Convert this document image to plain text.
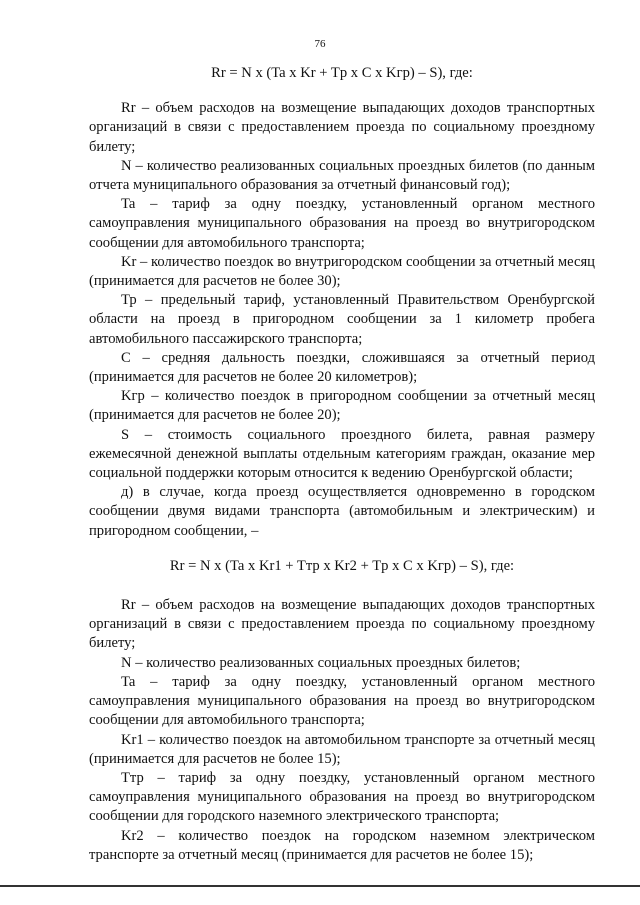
76

Rr = N x (Ta x Kr + Tp x C x Kгр) – S), где:

Rr – объем расходов на возмещение выпадающих доходов транспортных организаций в связи с предоставлением проезда по социальному проездному билету;

N – количество реализованных социальных проездных билетов (по данным отчета муниципального образования за отчетный финансовый год);

Ta – тариф за одну поездку, установленный органом местного самоуправления муниципального образования на проезд во внутригородском сообщении для автомобильного транспорта;

Kr – количество поездок во внутригородском сообщении за отчетный месяц (принимается для расчетов не более 30);

Тр – предельный тариф, установленный Правительством Оренбургской области на проезд в пригородном сообщении за 1 километр пробега автомобильного пассажирского транспорта;

С – средняя дальность поездки, сложившаяся за отчетный период (принимается для расчетов не более 20 километров);

Kгр – количество поездок в пригородном сообщении за отчетный месяц (принимается для расчетов не более 20);

S – стоимость социального проездного билета, равная размеру ежемесячной денежной выплаты отдельным категориям граждан, оказание мер социальной поддержки которым относится к ведению Оренбургской области;

д) в случае, когда проезд осуществляется одновременно в городском сообщении двумя видами транспорта (автомобильным и электрическим) и пригородном сообщении, –

Rr = N x (Ta x Kr1 + Tтр x Kr2 + Tp x C x Kгр) – S), где:

Rr – объем расходов на возмещение выпадающих доходов транспортных организаций в связи с предоставлением проезда по социальному проездному билету;

N – количество реализованных социальных проездных билетов;

Ta – тариф за одну поездку, установленный органом местного самоуправления муниципального образования на проезд во внутригородском сообщении для автомобильного транспорта;

Kr1 – количество поездок на автомобильном транспорте за отчетный месяц (принимается для расчетов не более 15);

Tтр – тариф за одну поездку, установленный органом местного самоуправления муниципального образования на проезд во внутригородском сообщении для городского наземного электрического транспорта;

Kr2 – количество поездок на городском наземном электрическом транспорте за отчетный месяц (принимается для расчетов не более 15);
